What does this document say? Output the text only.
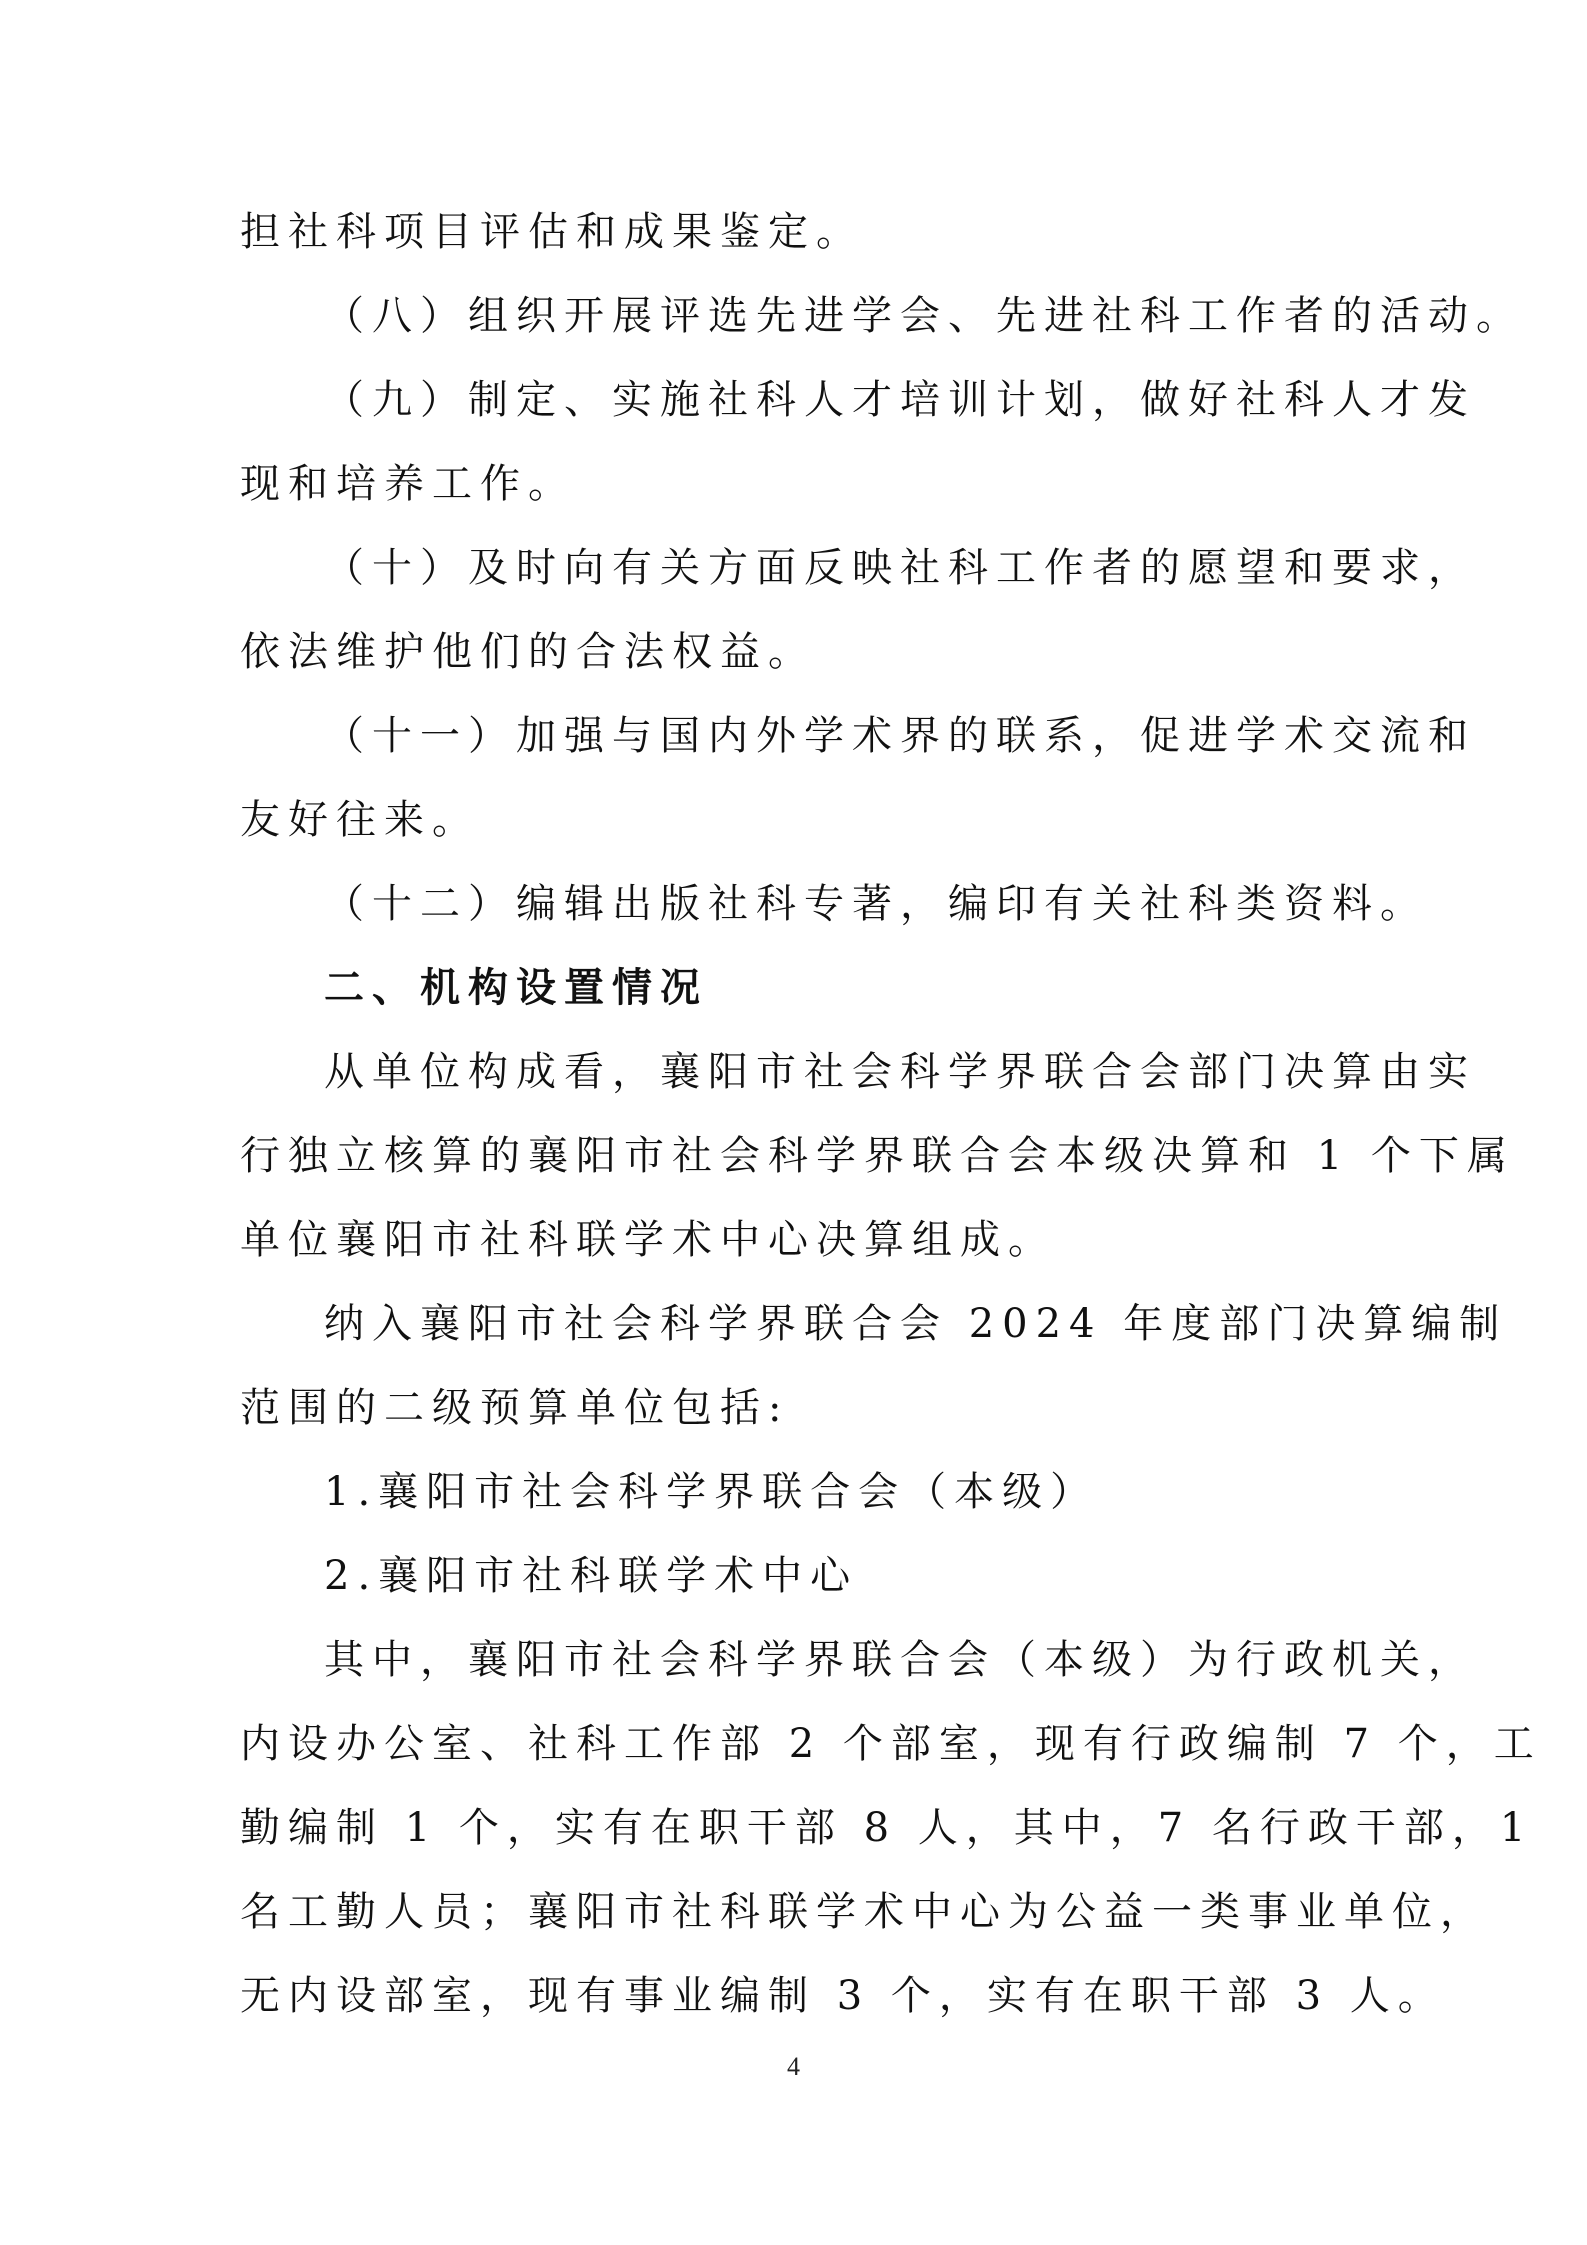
担社科项目评估和成果鉴定。
（八）组织开展评选先进学会、先进社科工作者的活动。
（九）制定、实施社科人才培训计划，做好社科人才发
现和培养工作。
（十）及时向有关方面反映社科工作者的愿望和要求，
依法维护他们的合法权益。
（十一）加强与国内外学术界的联系，促进学术交流和
友好往来。
（十二）编辑出版社科专著，编印有关社科类资料。
二、机构设置情况
从单位构成看，襄阳市社会科学界联合会部门决算由实
行独立核算的襄阳市社会科学界联合会本级决算和 1 个下属
单位襄阳市社科联学术中心决算组成。
纳入襄阳市社会科学界联合会 2024 年度部门决算编制
范围的二级预算单位包括:
1.襄阳市社会科学界联合会（本级）
2.襄阳市社科联学术中心
其中，襄阳市社会科学界联合会（本级）为行政机关，
内设办公室、社科工作部 2 个部室，现有行政编制 7 个，工
勤编制 1 个，实有在职干部 8 人，其中，7 名行政干部，1
名工勤人员；襄阳市社科联学术中心为公益一类事业单位，
无内设部室，现有事业编制 3 个，实有在职干部 3 人。
4
